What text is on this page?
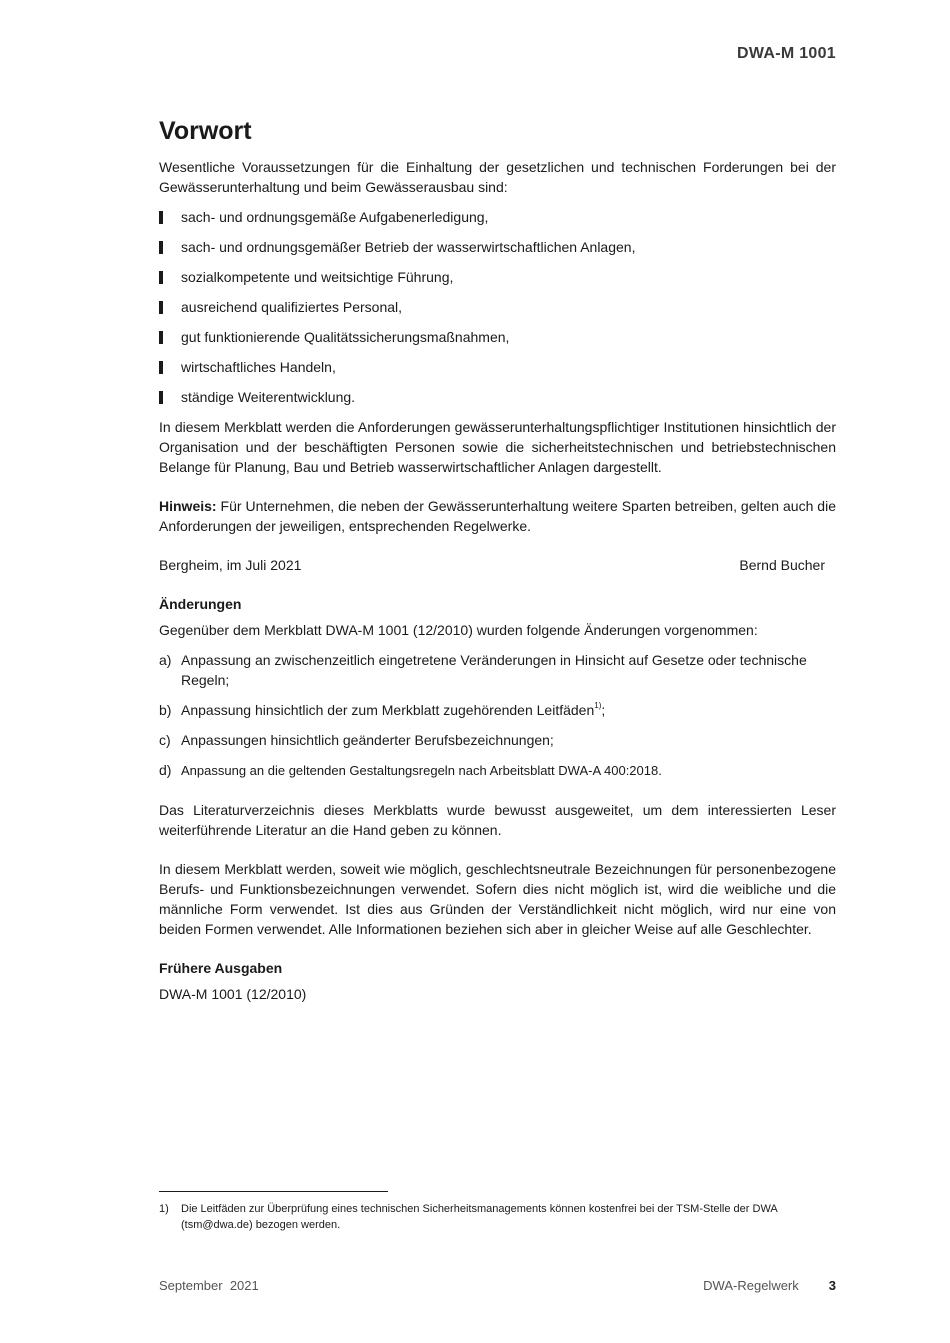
DWA-M 1001
Vorwort

Wesentliche Voraussetzungen für die Einhaltung der gesetzlichen und technischen Forderungen bei der Gewässerunterhaltung und beim Gewässerausbau sind:

sach- und ordnungsgemäße Aufgabenerledigung,
sach- und ordnungsgemäßer Betrieb der wasserwirtschaftlichen Anlagen,
sozialkompetente und weitsichtige Führung,
ausreichend qualifiziertes Personal,
gut funktionierende Qualitätssicherungsmaßnahmen,
wirtschaftliches Handeln,
ständige Weiterentwicklung.

In diesem Merkblatt werden die Anforderungen gewässerunterhaltungspflichtiger Institutionen hinsichtlich der Organisation und der beschäftigten Personen sowie die sicherheitstechnischen und betriebstechnischen Belange für Planung, Bau und Betrieb wasserwirtschaftlicher Anlagen dargestellt.

Hinweis: Für Unternehmen, die neben der Gewässerunterhaltung weitere Sparten betreiben, gelten auch die Anforderungen der jeweiligen, entsprechenden Regelwerke.

Bergheim, im Juli 2021	Bernd Bucher
Änderungen

Gegenüber dem Merkblatt DWA-M 1001 (12/2010) wurden folgende Änderungen vorgenommen:

a) Anpassung an zwischenzeitlich eingetretene Veränderungen in Hinsicht auf Gesetze oder technische Regeln;
b) Anpassung hinsichtlich der zum Merkblatt zugehörenden Leitfäden$^{1)}$;
c) Anpassungen hinsichtlich geänderter Berufsbezeichnungen;
d) Anpassung an die geltenden Gestaltungsregeln nach Arbeitsblatt DWA-A 400:2018.

Das Literaturverzeichnis dieses Merkblatts wurde bewusst ausgeweitet, um dem interessierten Leser weiterführende Literatur an die Hand geben zu können.

In diesem Merkblatt werden, soweit wie möglich, geschlechtsneutrale Bezeichnungen für personenbezogene Berufs- und Funktionsbezeichnungen verwendet. Sofern dies nicht möglich ist, wird die weibliche und die männliche Form verwendet. Ist dies aus Gründen der Verständlichkeit nicht möglich, wird nur eine von beiden Formen verwendet. Alle Informationen beziehen sich aber in gleicher Weise auf alle Geschlechter.

Frühere Ausgaben

DWA-M 1001 (12/2010)

1) Die Leitfäden zur Überprüfung eines technischen Sicherheitsmanagements können kostenfrei bei der TSM-Stelle der DWA (tsm@dwa.de) bezogen werden.
September  2021	DWA-Regelwerk 3
